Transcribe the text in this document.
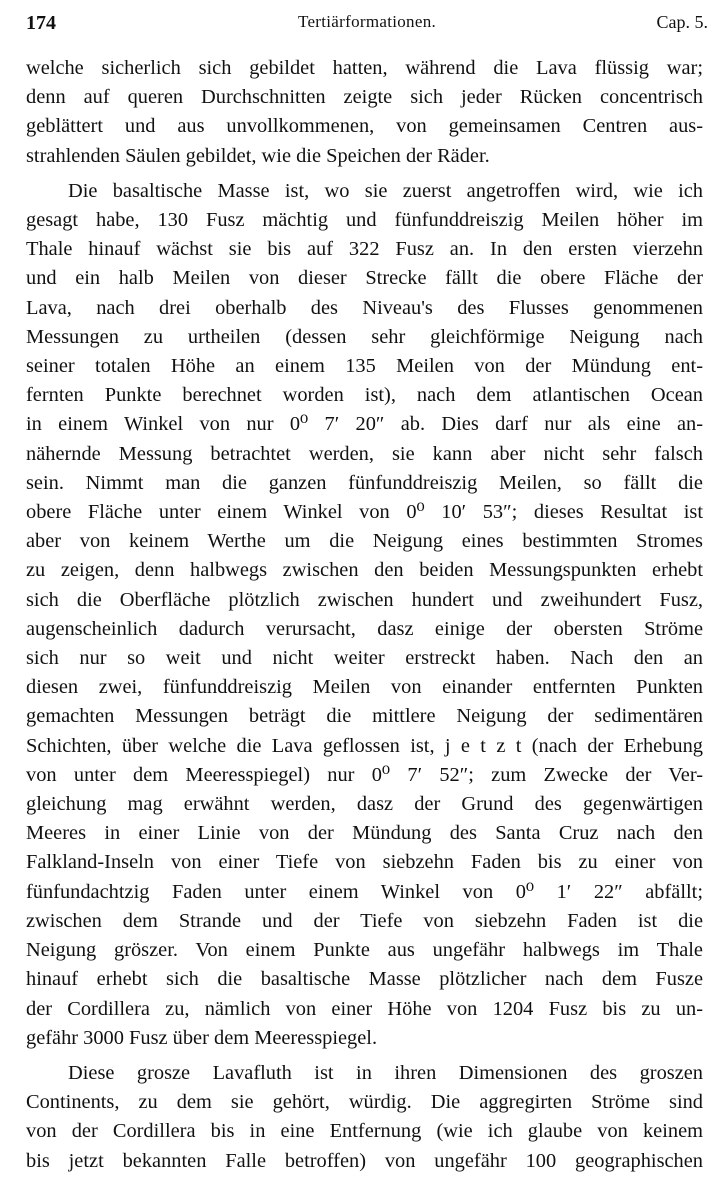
174	Tertiärformationen.	Cap. 5.
welche sicherlich sich gebildet hatten, während die Lava flüssig war;
denn auf queren Durchschnitten zeigte sich jeder Rücken concentrisch
geblättert und aus unvollkommenen, von gemeinsamen Centren aus-
strahlenden Säulen gebildet, wie die Speichen der Räder.
Die basaltische Masse ist, wo sie zuerst angetroffen wird, wie ich
gesagt habe, 130 Fusz mächtig und fünfunddreiszig Meilen höher im
Thale hinauf wächst sie bis auf 322 Fusz an. In den ersten vierzehn
und ein halb Meilen von dieser Strecke fällt die obere Fläche der
Lava, nach drei oberhalb des Niveau's des Flusses genommenen
Messungen zu urtheilen (dessen sehr gleichförmige Neigung nach
seiner totalen Höhe an einem 135 Meilen von der Mündung ent-
fernten Punkte berechnet worden ist), nach dem atlantischen Ocean
in einem Winkel von nur 0⁰ 7′ 20″ ab. Dies darf nur als eine an-
nähernde Messung betrachtet werden, sie kann aber nicht sehr falsch
sein. Nimmt man die ganzen fünfunddreiszig Meilen, so fällt die
obere Fläche unter einem Winkel von 0⁰ 10′ 53″; dieses Resultat ist
aber von keinem Werthe um die Neigung eines bestimmten Stromes
zu zeigen, denn halbwegs zwischen den beiden Messungspunkten erhebt
sich die Oberfläche plötzlich zwischen hundert und zweihundert Fusz,
augenscheinlich dadurch verursacht, dasz einige der obersten Ströme
sich nur so weit und nicht weiter erstreckt haben. Nach den an
diesen zwei, fünfunddreiszig Meilen von einander entfernten Punkten
gemachten Messungen beträgt die mittlere Neigung der sedimentären
Schichten, über welche die Lava geflossen ist, j e t z t (nach der Erhebung
von unter dem Meeresspiegel) nur 0⁰ 7′ 52″; zum Zwecke der Ver-
gleichung mag erwähnt werden, dasz der Grund des gegenwärtigen
Meeres in einer Linie von der Mündung des Santa Cruz nach den
Falkland-Inseln von einer Tiefe von siebzehn Faden bis zu einer von
fünfundachtzig Faden unter einem Winkel von 0⁰ 1′ 22″ abfällt;
zwischen dem Strande und der Tiefe von siebzehn Faden ist die
Neigung gröszer. Von einem Punkte aus ungefähr halbwegs im Thale
hinauf erhebt sich die basaltische Masse plötzlicher nach dem Fusze
der Cordillera zu, nämlich von einer Höhe von 1204 Fusz bis zu un-
gefähr 3000 Fusz über dem Meeresspiegel.
Diese grosze Lavafluth ist in ihren Dimensionen des groszen
Continents, zu dem sie gehört, würdig. Die aggregirten Ströme sind
von der Cordillera bis in eine Entfernung (wie ich glaube von keinem
bis jetzt bekannten Falle betroffen) von ungefähr 100 geographischen
